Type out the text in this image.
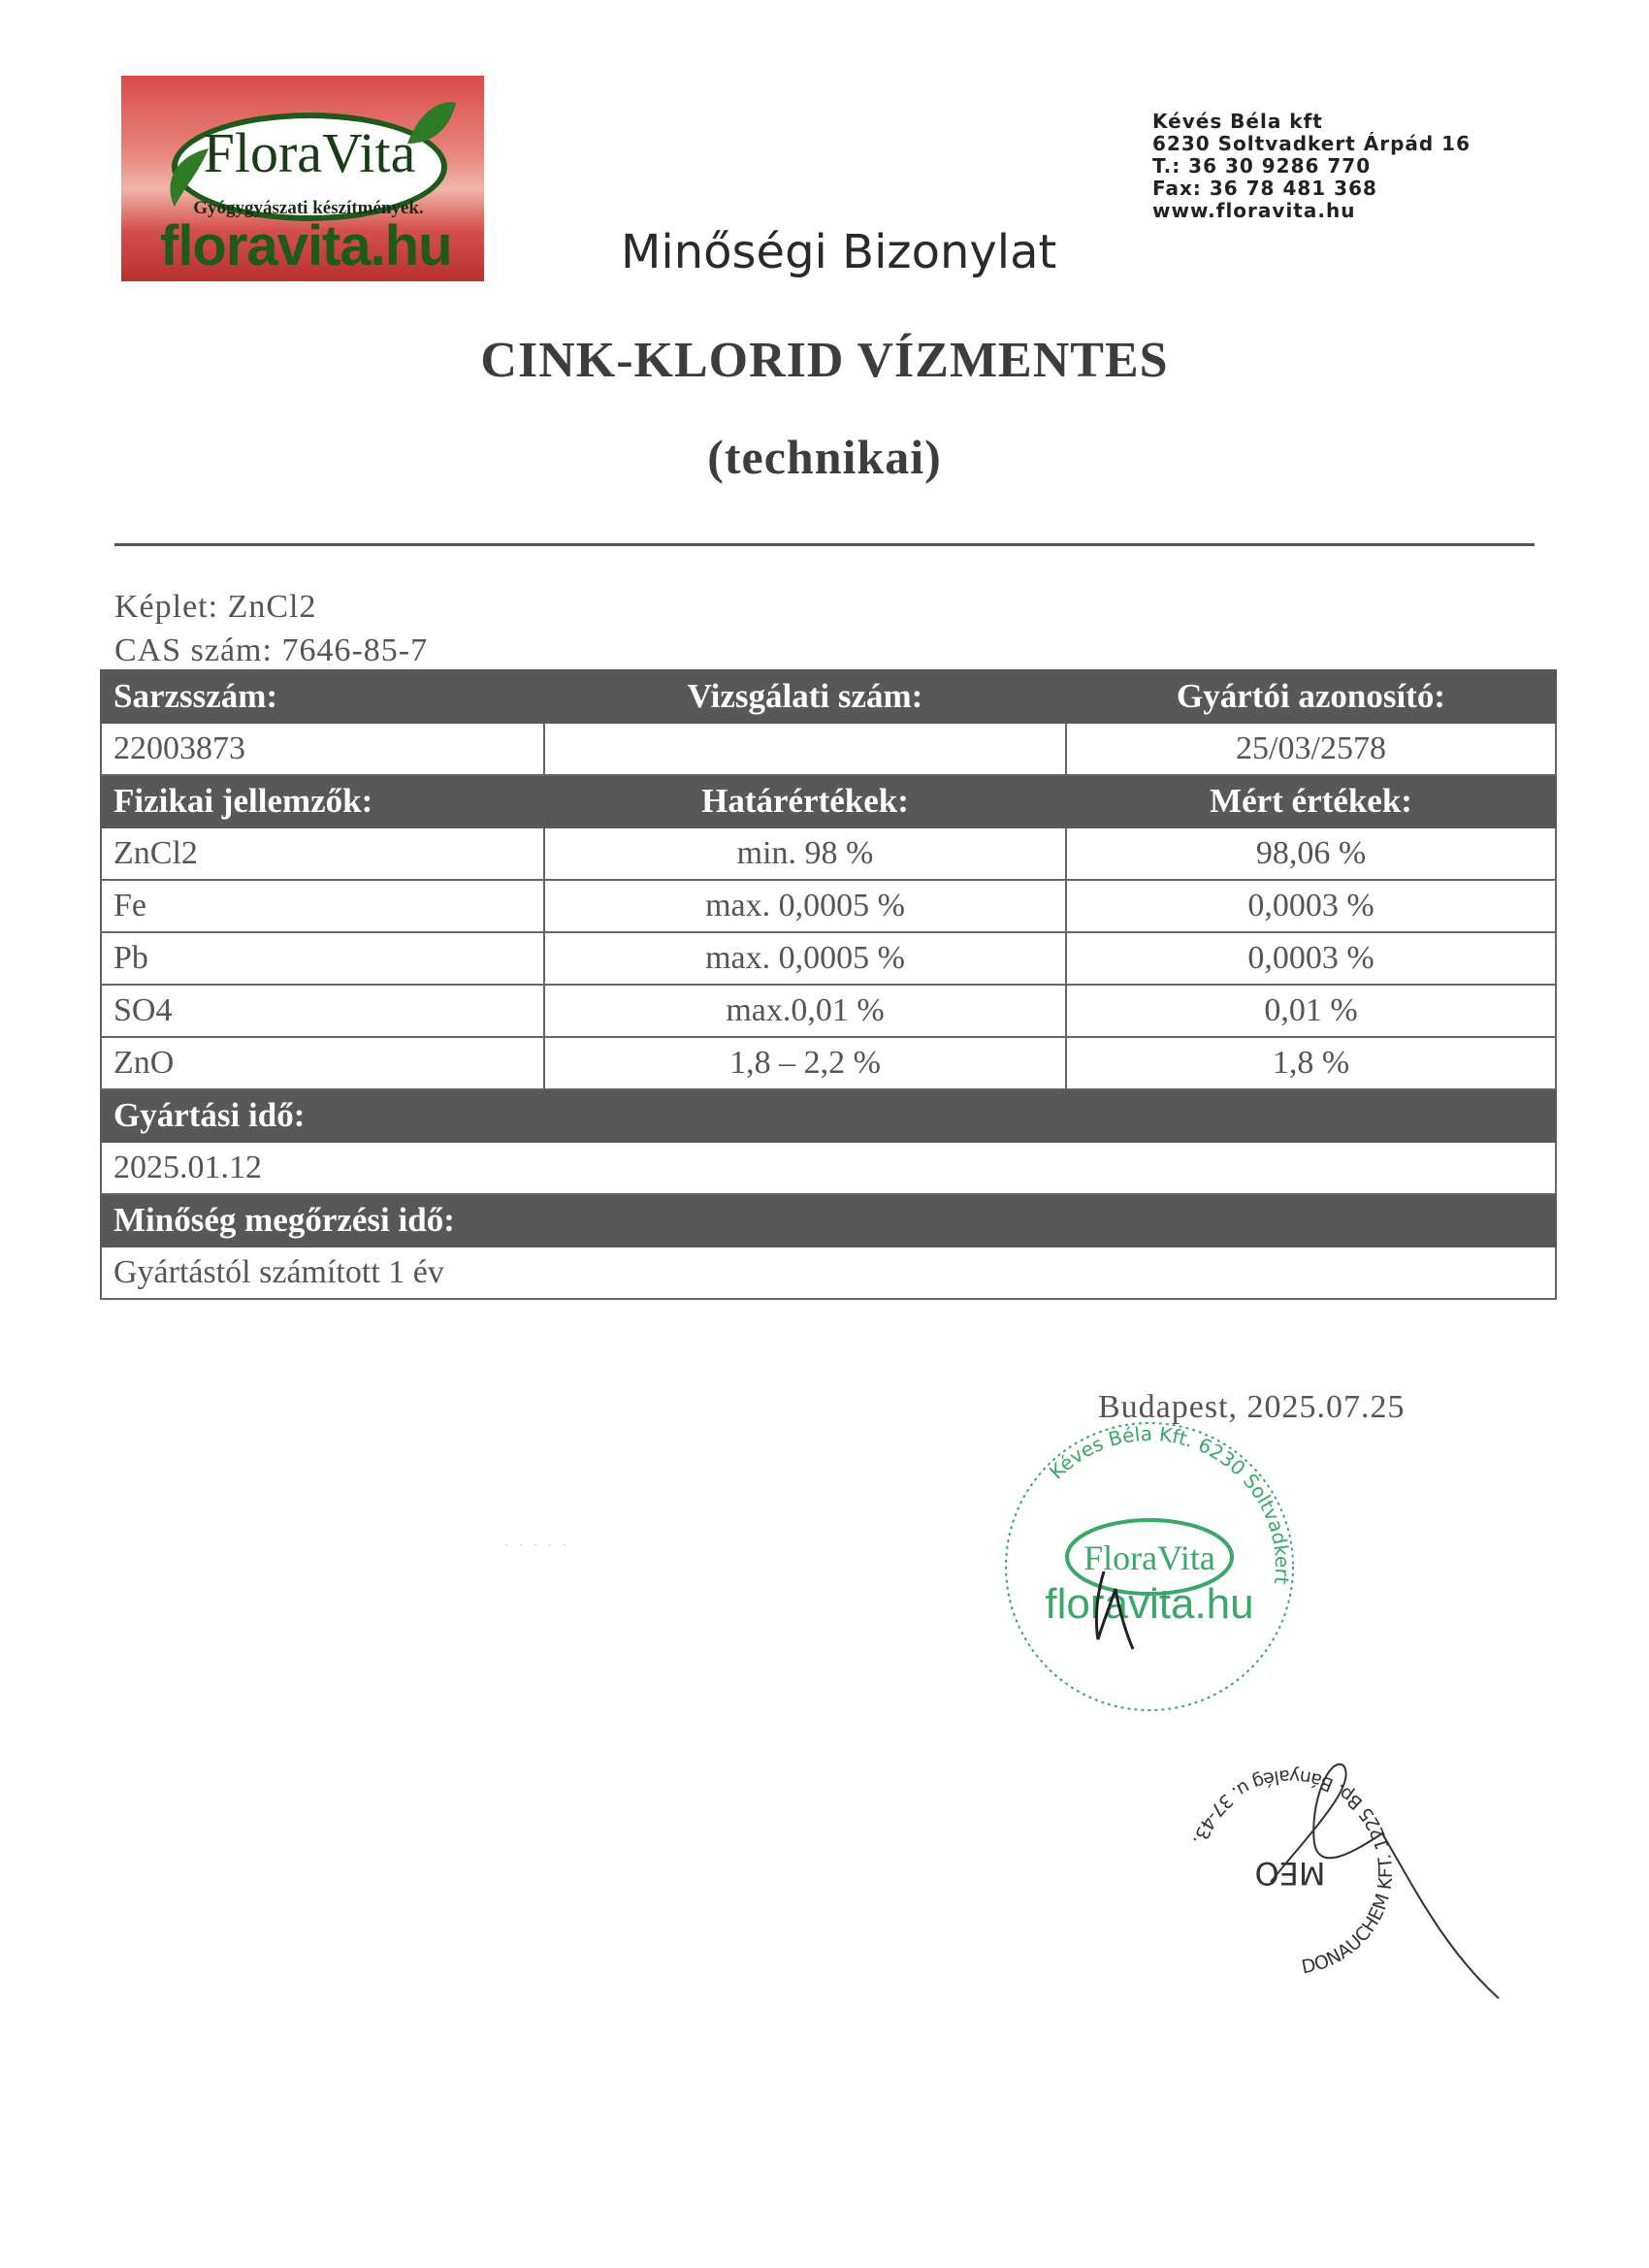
FloraVita
Gyógygyászati készítmények.
floravita.hu
Kévés Béla kft
6230 Soltvadkert Árpád 16
T.: 36 30 9286 770
Fax: 36 78 481 368
www.floravita.hu
Minőségi Bizonylat
CINK-KLORID VÍZMENTES
(technikai)
Képlet: ZnCl2
CAS szám: 7646-85-7
Sarzsszám:	Vizsgálati szám:	Gyártói azonosító:
22003873		25/03/2578
Fizikai jellemzők:	Határértékek:	Mért értékek:
ZnCl2	min. 98 %	98,06 %
Fe	max. 0,0005 %	0,0003 %
Pb	max. 0,0005 %	0,0003 %
SO4	max.0,01 %	0,01 %
ZnO	1,8 – 2,2 %	1,8 %
Gyártási idő:		
2025.01.12		
Minőség megőrzési idő:		
Gyártástól számított 1 év		
Budapest, 2025.07.25
Kéves Béla Kft. 6230 Soltvadkert
FloraVita
floravita.hu
DONAUCHEM KFT. 1225 Bp. Bányalég u. 37-43.
MEO
· · · · ·
